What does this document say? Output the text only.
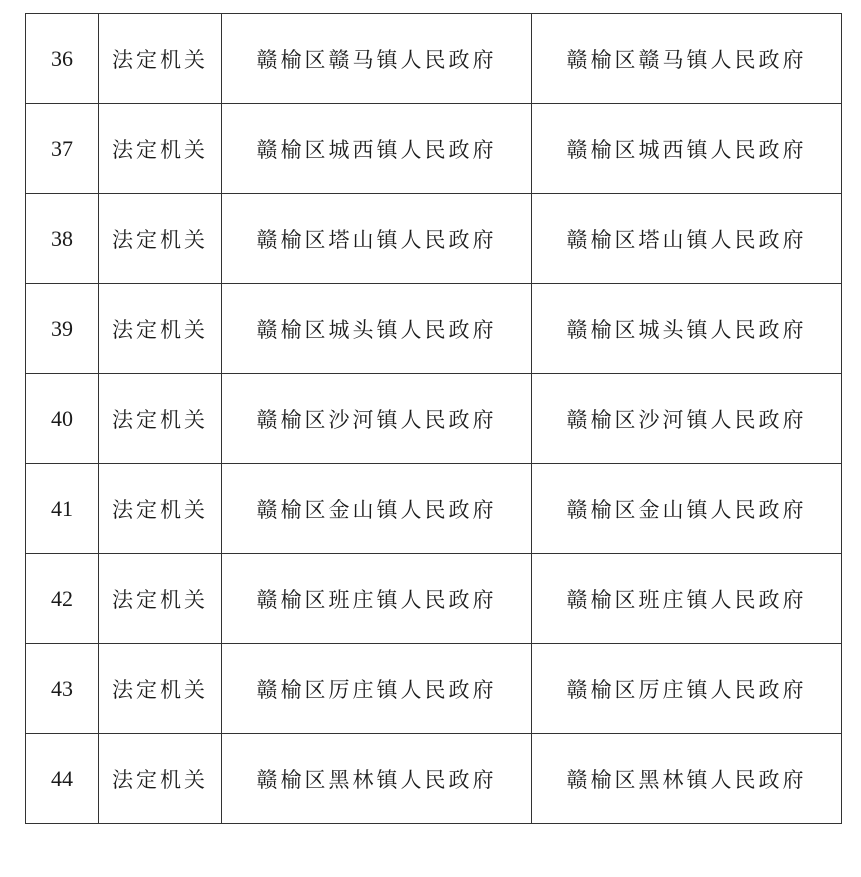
36	法定机关	赣榆区赣马镇人民政府	赣榆区赣马镇人民政府
37	法定机关	赣榆区城西镇人民政府	赣榆区城西镇人民政府
38	法定机关	赣榆区塔山镇人民政府	赣榆区塔山镇人民政府
39	法定机关	赣榆区城头镇人民政府	赣榆区城头镇人民政府
40	法定机关	赣榆区沙河镇人民政府	赣榆区沙河镇人民政府
41	法定机关	赣榆区金山镇人民政府	赣榆区金山镇人民政府
42	法定机关	赣榆区班庄镇人民政府	赣榆区班庄镇人民政府
43	法定机关	赣榆区厉庄镇人民政府	赣榆区厉庄镇人民政府
44	法定机关	赣榆区黑林镇人民政府	赣榆区黑林镇人民政府
